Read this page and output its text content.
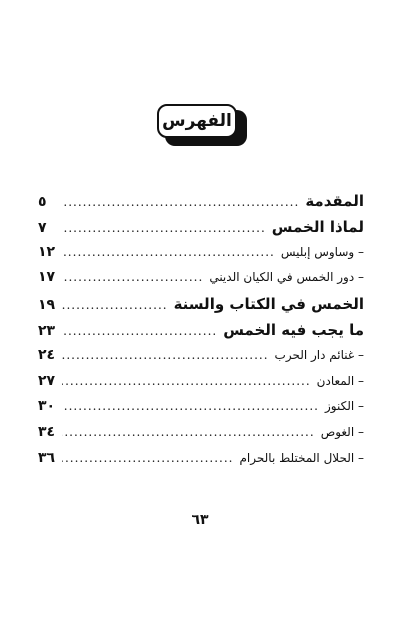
الفهرس
المقدمة
.....
٥
لماذا الخمس
.....
٧
– وساوس إبليس
.....
١٢
– دور الخمس في الكيان الديني
.....
١٧
الخمس في الكتاب والسنة
.....
١٩
ما يجب فيه الخمس
.....
٢٣
– غنائم دار الحرب
.....
٢٤
– المعادن
.....
٢٧
– الكنوز
.....
٣٠
– الغوص
.....
٣٤
– الحلال المختلط بالحرام
.....
٣٦
٦٣
